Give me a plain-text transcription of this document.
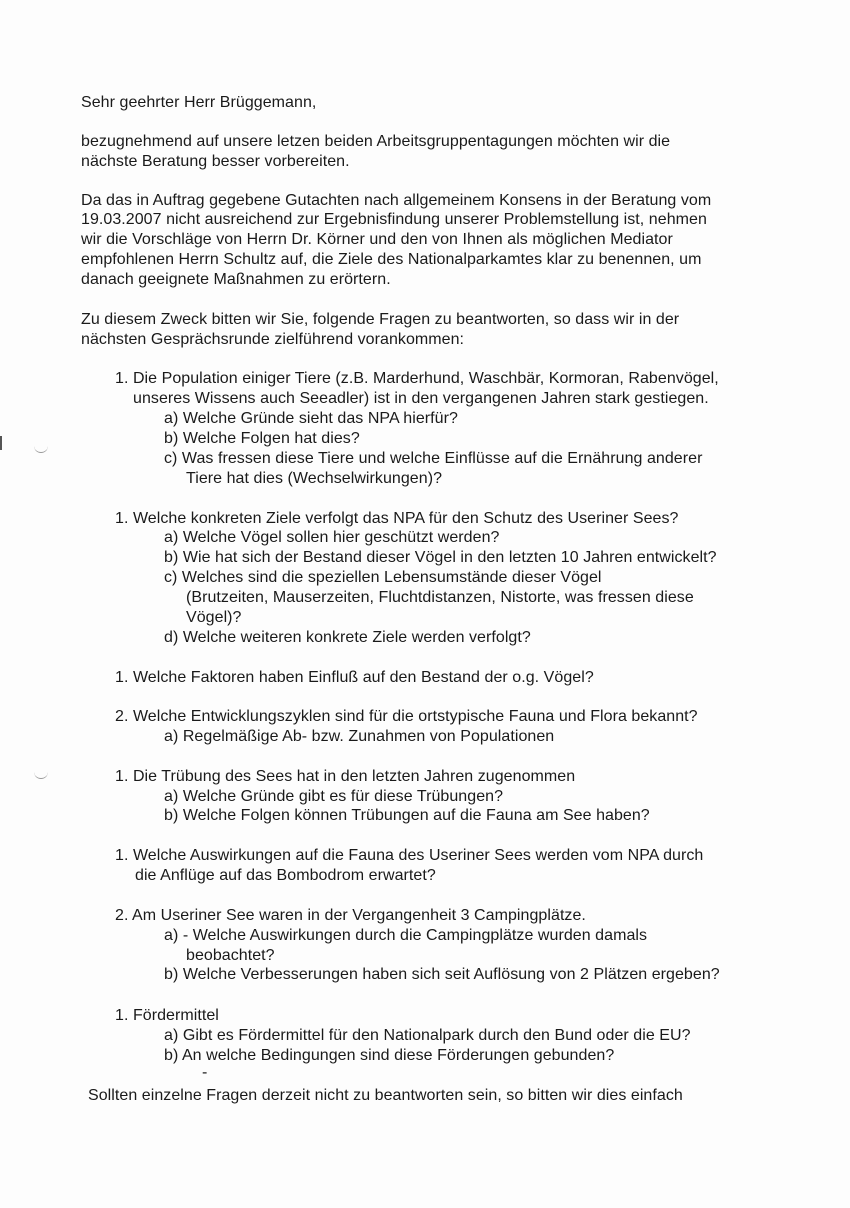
Sehr geehrter Herr Brüggemann,
bezugnehmend auf unsere letzen beiden Arbeitsgruppentagungen möchten wir die
nächste Beratung besser vorbereiten.
Da das in Auftrag gegebene Gutachten nach allgemeinem Konsens in der Beratung vom
19.03.2007 nicht ausreichend zur Ergebnisfindung unserer Problemstellung ist, nehmen
wir die Vorschläge von Herrn Dr. Körner und den von Ihnen als möglichen Mediator
empfohlenen Herrn Schultz auf, die Ziele des Nationalparkamtes klar zu benennen, um
danach geeignete Maßnahmen zu erörtern.
Zu diesem Zweck bitten wir Sie, folgende Fragen zu beantworten, so dass wir in der
nächsten Gesprächsrunde zielführend vorankommen:
1. Die Population einiger Tiere (z.B. Marderhund, Waschbär, Kormoran, Rabenvögel,
unseres Wissens auch Seeadler) ist in den vergangenen Jahren stark gestiegen.
a) Welche Gründe sieht das NPA hierfür?
b) Welche Folgen hat dies?
c) Was fressen diese Tiere und welche Einflüsse auf die Ernährung anderer
Tiere hat dies (Wechselwirkungen)?
1. Welche konkreten Ziele verfolgt das NPA für den Schutz des Useriner Sees?
a) Welche Vögel sollen hier geschützt werden?
b) Wie hat sich der Bestand dieser Vögel in den letzten 10 Jahren entwickelt?
c) Welches sind die speziellen Lebensumstände dieser Vögel
(Brutzeiten, Mauserzeiten, Fluchtdistanzen, Nistorte, was fressen diese
Vögel)?
d) Welche weiteren konkrete Ziele werden verfolgt?
1. Welche Faktoren haben Einfluß auf den Bestand der o.g. Vögel?
2. Welche Entwicklungszyklen sind für die ortstypische Fauna und Flora bekannt?
a) Regelmäßige Ab- bzw. Zunahmen von Populationen
1. Die Trübung des Sees hat in den letzten Jahren zugenommen
a) Welche Gründe gibt es für diese Trübungen?
b) Welche Folgen können Trübungen auf die Fauna am See haben?
1. Welche Auswirkungen auf die Fauna des Useriner Sees werden vom NPA durch
die Anflüge auf das Bombodrom erwartet?
2. Am Useriner See waren in der Vergangenheit 3 Campingplätze.
a) - Welche Auswirkungen durch die Campingplätze wurden damals
beobachtet?
b) Welche Verbesserungen haben sich seit Auflösung von 2 Plätzen ergeben?
1. Fördermittel
a) Gibt es Fördermittel für den Nationalpark durch den Bund oder die EU?
b) An welche Bedingungen sind diese Förderungen gebunden?
-
Sollten einzelne Fragen derzeit nicht zu beantworten sein, so bitten wir dies einfach
